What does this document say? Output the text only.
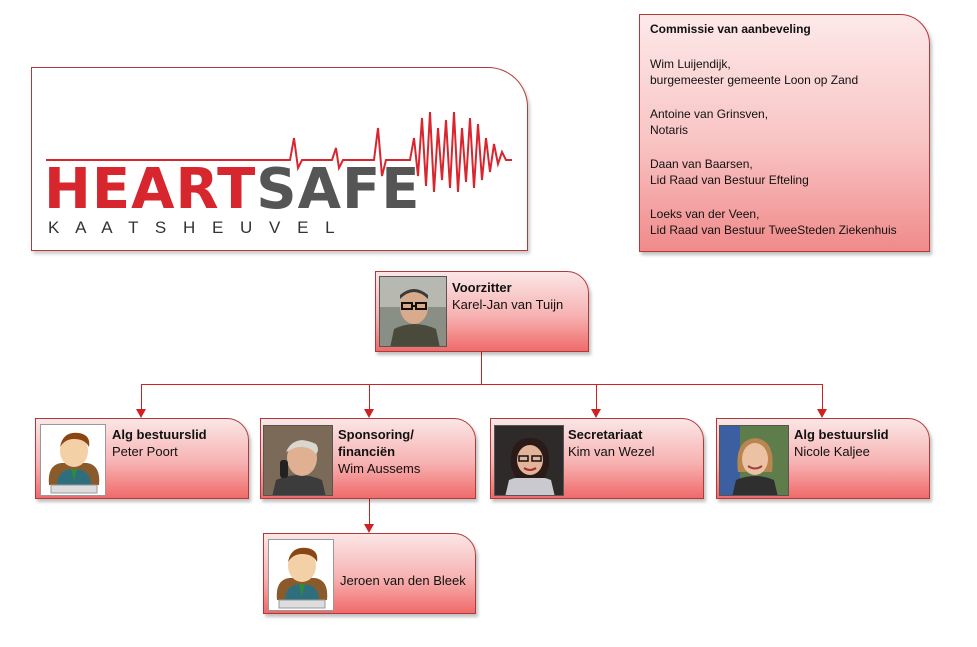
HEARTSAFE
K A A T S H E U V E L
Commissie van aanbeveling
Wim Luijendijk,
burgemeester gemeente Loon op Zand
Antoine van Grinsven,
Notaris
Daan van Baarsen,
Lid Raad van Bestuur Efteling
Loeks van der Veen,
Lid Raad van Bestuur TweeSteden Ziekenhuis
Voorzitter
Karel-Jan van Tuijn
Alg bestuurslid
Peter Poort
Sponsoring/
financiën
Wim Aussems
Secretariaat
Kim van Wezel
Alg bestuurslid
Nicole Kaljee
Jeroen van den Bleek
